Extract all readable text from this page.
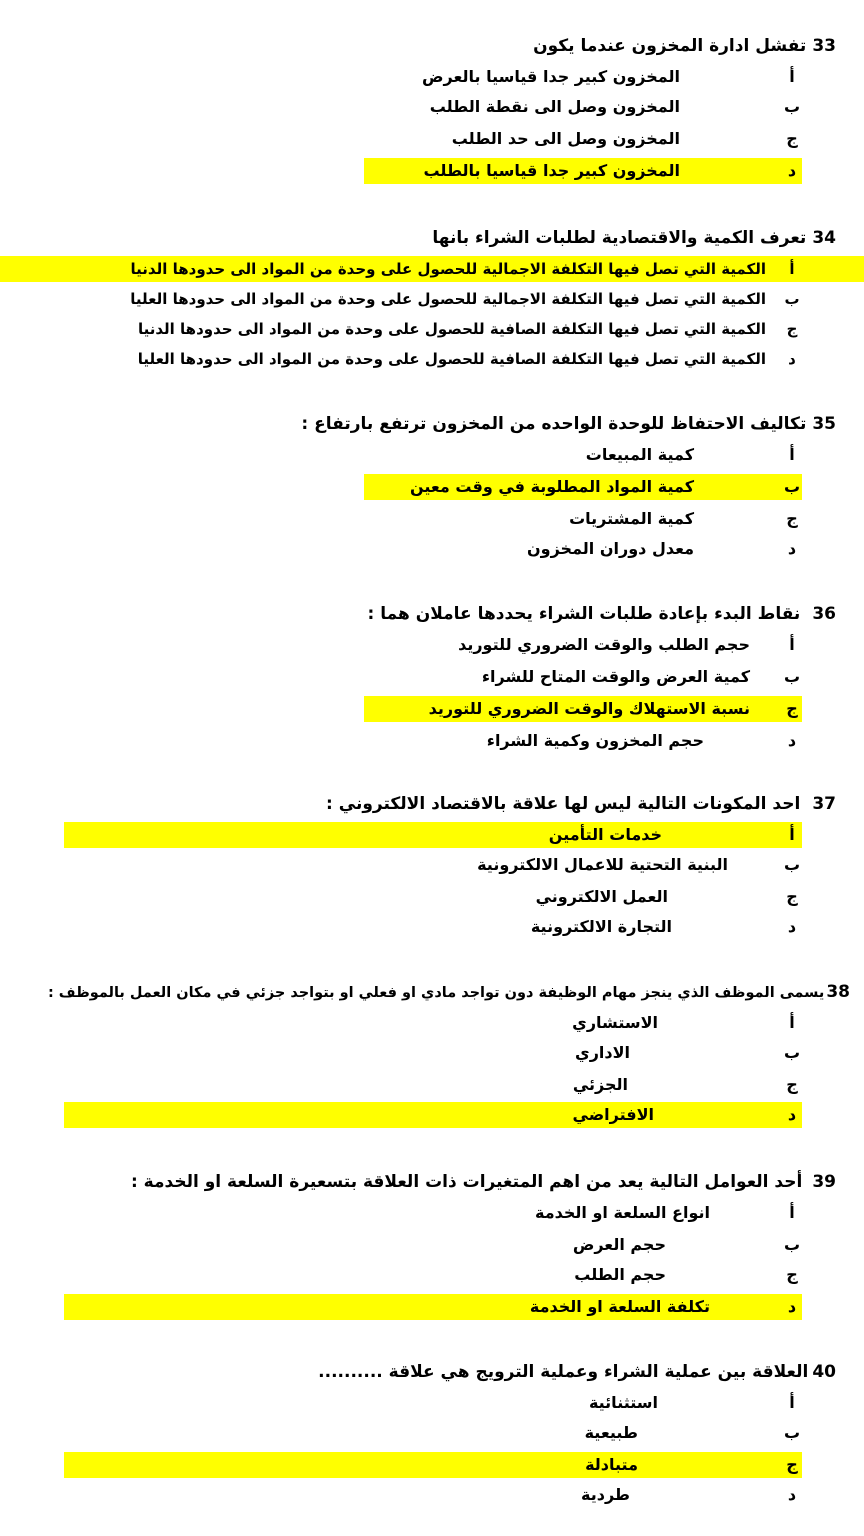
33تفشل ادارة المخزون عندما يكون
أ
المخزون كبير جدا قياسيا بالعرض
ب
المخزون وصل الى نقطة الطلب
ج
المخزون وصل الى حد الطلب
د
المخزون كبير جدا قياسيا بالطلب
34تعرف الكمية والاقتصادية لطلبات الشراء بانها
أ
الكمية التي تصل فيها التكلفة الاجمالية للحصول على وحدة من المواد الى حدودها الدنيا
ب
الكمية التي تصل فيها التكلفة الاجمالية للحصول على وحدة من المواد الى حدودها العليا
ج
الكمية التي تصل فيها التكلفة الصافية للحصول على وحدة من المواد الى حدودها الدنيا
د
الكمية التي تصل فيها التكلفة الصافية للحصول على وحدة من المواد الى حدودها العليا
35تكاليف الاحتفاظ للوحدة الواحده من المخزون ترتفع بارتفاع :
أ
كمية المبيعات
ب
كمية المواد المطلوبة في وقت معين
ج
كمية المشتريات
د
معدل دوران المخزون
36نقاط البدء بإعادة طلبات الشراء يحددها عاملان هما :
أ
حجم الطلب والوقت الضروري للتوريد
ب
كمية العرض والوقت المتاح للشراء
ج
نسبة الاستهلاك والوقت الضروري للتوريد
د
حجم المخزون وكمية الشراء
37احد المكونات التالية ليس لها علاقة بالاقتصاد الالكتروني :
أ
خدمات التأمين
ب
البنية التحتية للاعمال الالكترونية
ج
العمل الالكتروني
د
التجارة الالكترونية
38يسمى الموظف الذي ينجز مهام الوظيفة دون تواجد مادي او فعلي او بتواجد جزئي في مكان العمل بالموظف :
أ
الاستشاري
ب
الاداري
ج
الجزئي
د
الافتراضي
39أحد العوامل التالية يعد من اهم المتغيرات ذات العلاقة بتسعيرة السلعة او الخدمة :
أ
انواع السلعة او الخدمة
ب
حجم العرض
ج
حجم الطلب
د
تكلفة السلعة او الخدمة
40العلاقة بين عملية الشراء وعملية الترويج هي علاقة ..........
أ
استثنائية
ب
طبيعية
ج
متبادلة
د
طردية
